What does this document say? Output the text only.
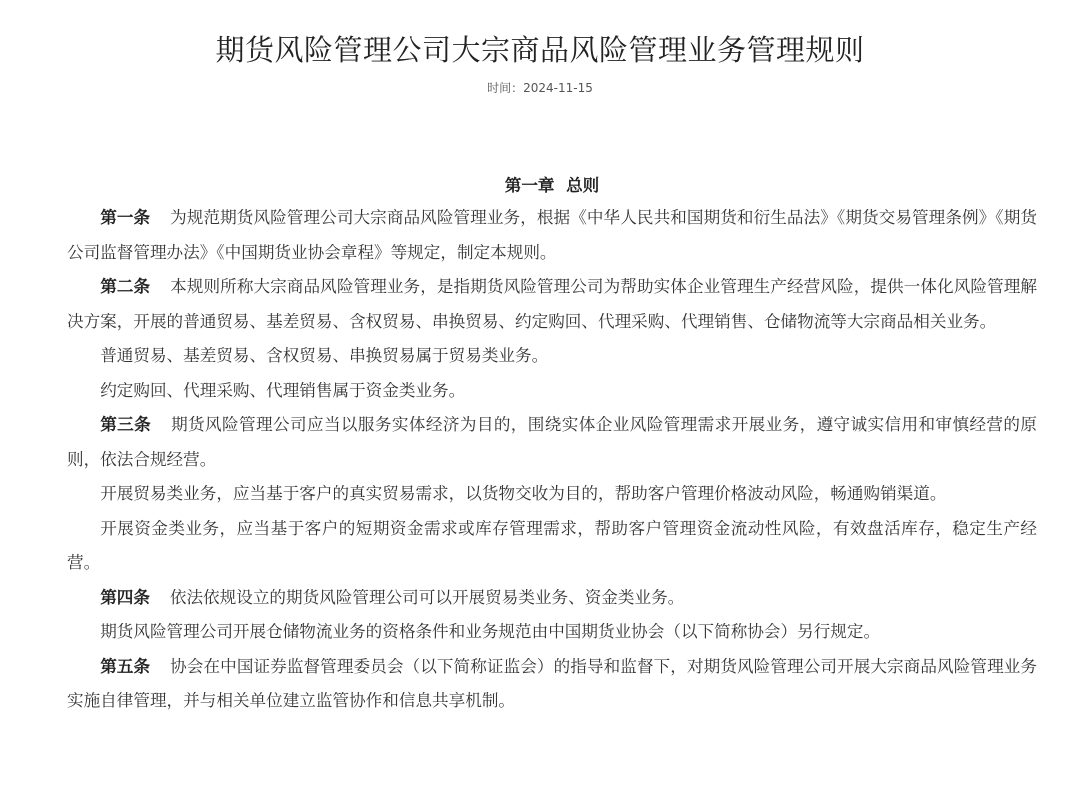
期货风险管理公司大宗商品风险管理业务管理规则
时间：2024-11-15
第一章  总则

第一条 为规范期货风险管理公司大宗商品风险管理业务，根据《中华人民共和国期货和衍生品法》《期货交易管理条例》《期货公司监督管理办法》《中国期货业协会章程》等规定，制定本规则。

第二条 本规则所称大宗商品风险管理业务，是指期货风险管理公司为帮助实体企业管理生产经营风险，提供一体化风险管理解决方案，开展的普通贸易、基差贸易、含权贸易、串换贸易、约定购回、代理采购、代理销售、仓储物流等大宗商品相关业务。

普通贸易、基差贸易、含权贸易、串换贸易属于贸易类业务。

约定购回、代理采购、代理销售属于资金类业务。

第三条 期货风险管理公司应当以服务实体经济为目的，围绕实体企业风险管理需求开展业务，遵守诚实信用和审慎经营的原则，依法合规经营。

开展贸易类业务，应当基于客户的真实贸易需求，以货物交收为目的，帮助客户管理价格波动风险，畅通购销渠道。

开展资金类业务，应当基于客户的短期资金需求或库存管理需求，帮助客户管理资金流动性风险，有效盘活库存，稳定生产经营。

第四条 依法依规设立的期货风险管理公司可以开展贸易类业务、资金类业务。

期货风险管理公司开展仓储物流业务的资格条件和业务规范由中国期货业协会（以下简称协会）另行规定。

第五条 协会在中国证券监督管理委员会（以下简称证监会）的指导和监督下，对期货风险管理公司开展大宗商品风险管理业务实施自律管理，并与相关单位建立监管协作和信息共享机制。
